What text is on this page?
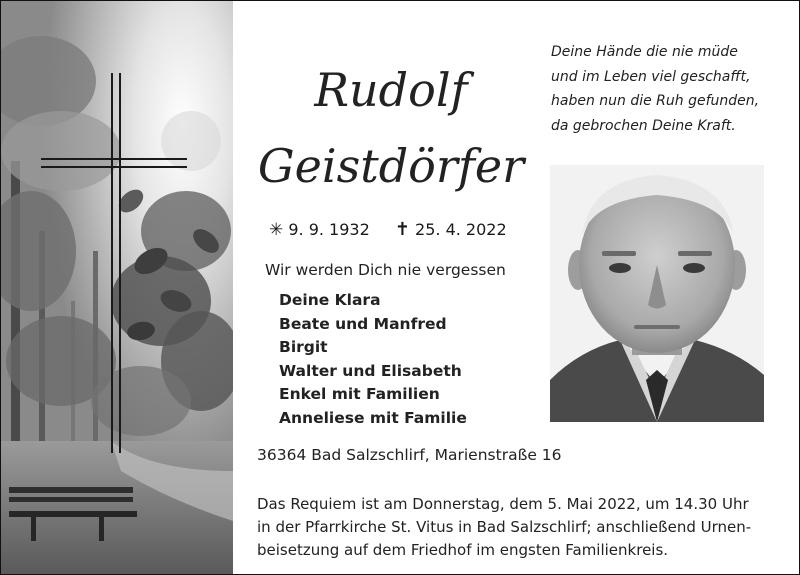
Rudolf
Geistdörfer
✳ 9. 9. 1932 ✝ 25. 4. 2022
Deine Hände die nie müde
und im Leben viel geschafft,
haben nun die Ruh gefunden,
da gebrochen Deine Kraft.
Wir werden Dich nie vergessen
Deine Klara
Beate und Manfred
Birgit
Walter und Elisabeth
Enkel mit Familien
Anneliese mit Familie
36364 Bad Salzschlirf, Marienstraße 16
Das Requiem ist am Donnerstag, dem 5. Mai 2022, um 14.30 Uhr
in der Pfarrkirche St. Vitus in Bad Salzschlirf; anschließend Urnen-
beisetzung auf dem Friedhof im engsten Familienkreis.
